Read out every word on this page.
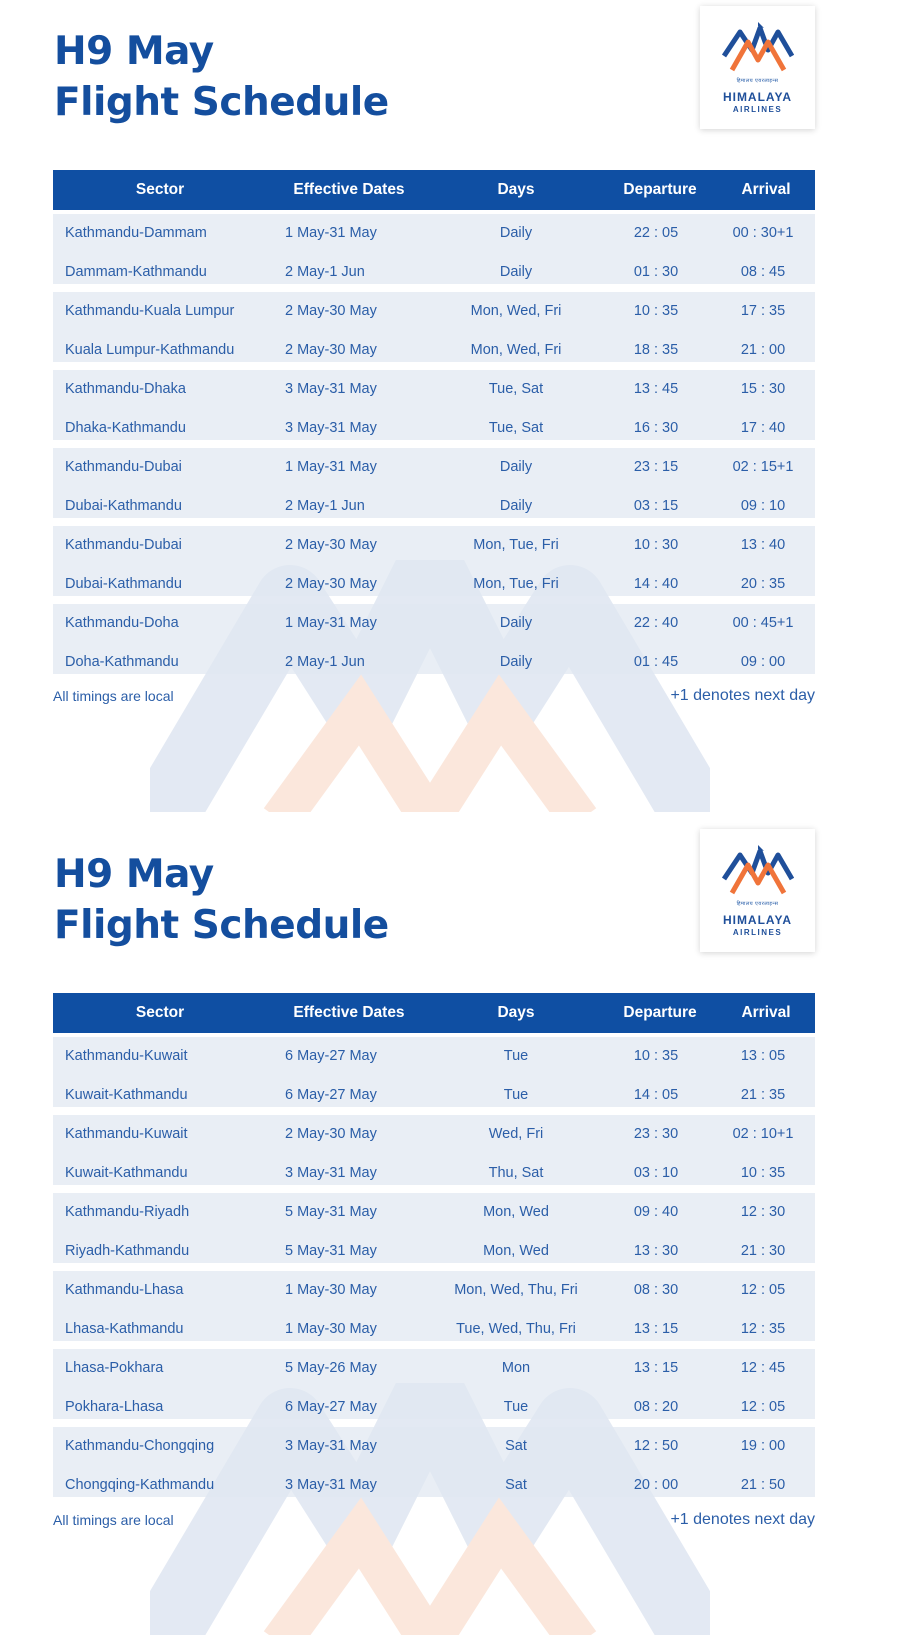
H9 May
Flight Schedule	हिमालय एयरलाइन्स
HIMALAYA
AIRLINES
Sector	Effective Dates	Days	Departure	Arrival
Kathmandu-Dammam	1 May-31 May	Daily	22 : 05	00 : 30+1
Dammam-Kathmandu	2 May-1 Jun	Daily	01 : 30	08 : 45
Kathmandu-Kuala Lumpur	2 May-30 May	Mon, Wed, Fri	10 : 35	17 : 35
Kuala Lumpur-Kathmandu	2 May-30 May	Mon, Wed, Fri	18 : 35	21 : 00
Kathmandu-Dhaka	3 May-31 May	Tue, Sat	13 : 45	15 : 30
Dhaka-Kathmandu	3 May-31 May	Tue, Sat	16 : 30	17 : 40
Kathmandu-Dubai	1 May-31 May	Daily	23 : 15	02 : 15+1
Dubai-Kathmandu	2 May-1 Jun	Daily	03 : 15	09 : 10
Kathmandu-Dubai	2 May-30 May	Mon, Tue, Fri	10 : 30	13 : 40
Dubai-Kathmandu	2 May-30 May	Mon, Tue, Fri	14 : 40	20 : 35
Kathmandu-Doha	1 May-31 May	Daily	22 : 40	00 : 45+1
Doha-Kathmandu	2 May-1 Jun	Daily	01 : 45	09 : 00
All timings are local	+1 denotes next day
H9 May
Flight Schedule	हिमालय एयरलाइन्स
HIMALAYA
AIRLINES
Sector	Effective Dates	Days	Departure	Arrival
Kathmandu-Kuwait	6 May-27 May	Tue	10 : 35	13 : 05
Kuwait-Kathmandu	6 May-27 May	Tue	14 : 05	21 : 35
Kathmandu-Kuwait	2 May-30 May	Wed, Fri	23 : 30	02 : 10+1
Kuwait-Kathmandu	3 May-31 May	Thu, Sat	03 : 10	10 : 35
Kathmandu-Riyadh	5 May-31 May	Mon, Wed	09 : 40	12 : 30
Riyadh-Kathmandu	5 May-31 May	Mon, Wed	13 : 30	21 : 30
Kathmandu-Lhasa	1 May-30 May	Mon, Wed, Thu, Fri	08 : 30	12 : 05
Lhasa-Kathmandu	1 May-30 May	Tue, Wed, Thu, Fri	13 : 15	12 : 35
Lhasa-Pokhara	5 May-26 May	Mon	13 : 15	12 : 45
Pokhara-Lhasa	6 May-27 May	Tue	08 : 20	12 : 05
Kathmandu-Chongqing	3 May-31 May	Sat	12 : 50	19 : 00
Chongqing-Kathmandu	3 May-31 May	Sat	20 : 00	21 : 50
All timings are local	+1 denotes next day
